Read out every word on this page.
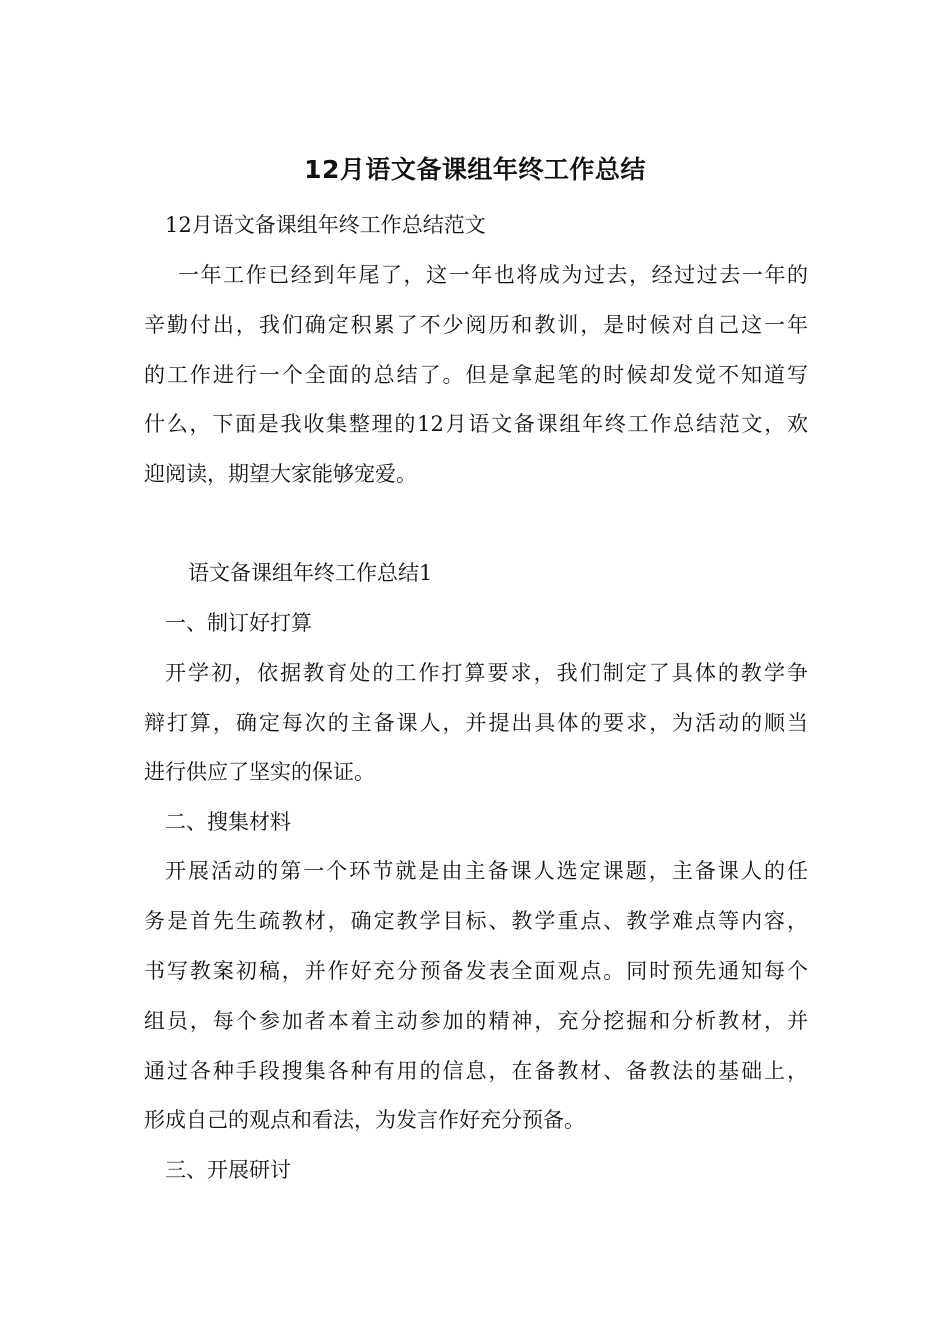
12月语文备课组年终工作总结
12月语文备课组年终工作总结范文
一年工作已经到年尾了，这一年也将成为过去，经过过去一年的
辛勤付出，我们确定积累了不少阅历和教训，是时候对自己这一年
的工作进行一个全面的总结了。但是拿起笔的时候却发觉不知道写
什么，下面是我收集整理的12月语文备课组年终工作总结范文，欢
迎阅读，期望大家能够宠爱。
语文备课组年终工作总结1
一、制订好打算
开学初，依据教育处的工作打算要求，我们制定了具体的教学争
辩打算，确定每次的主备课人，并提出具体的要求，为活动的顺当
进行供应了坚实的保证。
二、搜集材料
开展活动的第一个环节就是由主备课人选定课题，主备课人的任
务是首先生疏教材，确定教学目标、教学重点、教学难点等内容，
书写教案初稿，并作好充分预备发表全面观点。同时预先通知每个
组员，每个参加者本着主动参加的精神，充分挖掘和分析教材，并
通过各种手段搜集各种有用的信息，在备教材、备教法的基础上，
形成自己的观点和看法，为发言作好充分预备。
三、开展研讨
